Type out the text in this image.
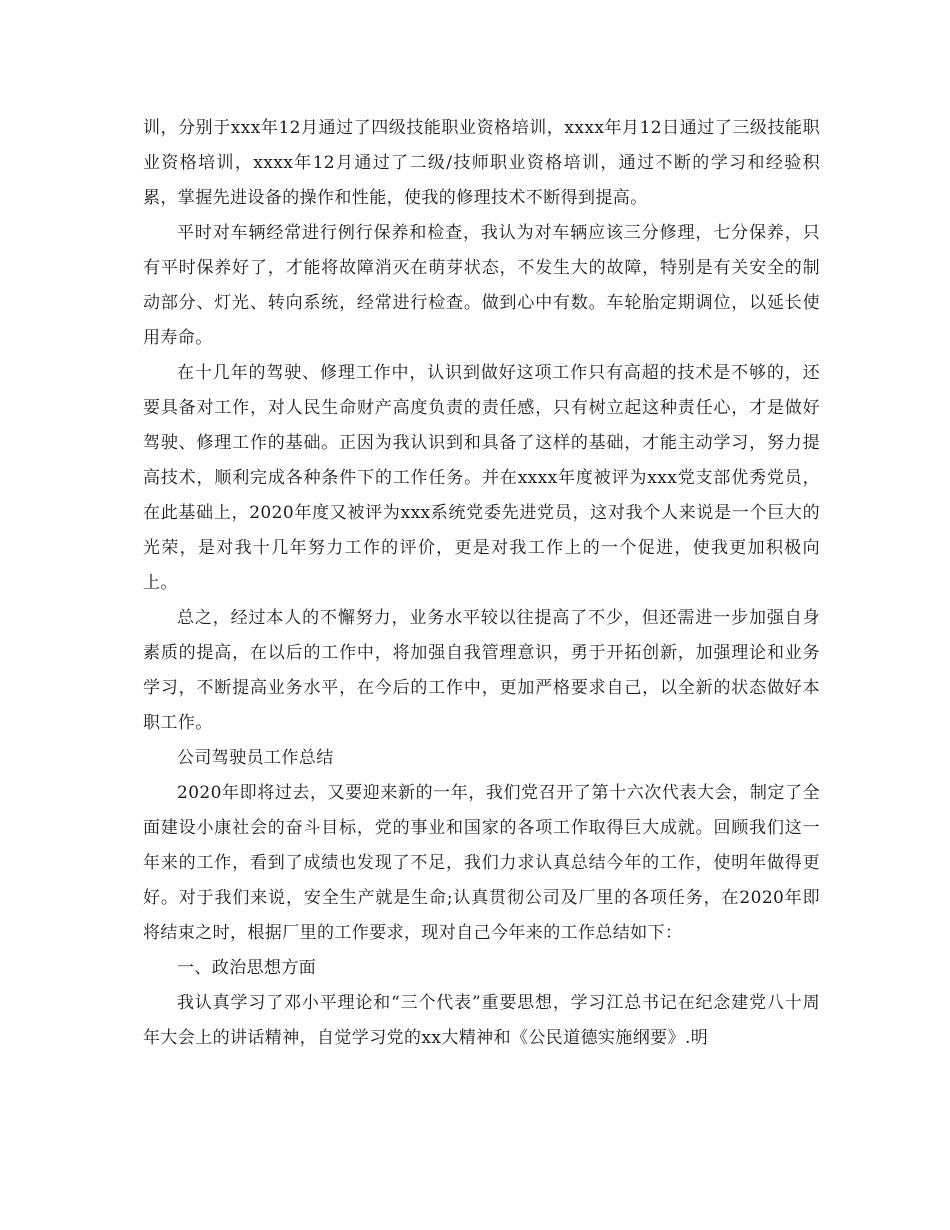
训，分别于xxx年12月通过了四级技能职业资格培训，xxxx年月12日通过了三级技能职业资格培训，xxxx年12月通过了二级/技师职业资格培训，通过不断的学习和经验积累，掌握先进设备的操作和性能，使我的修理技术不断得到提高。

平时对车辆经常进行例行保养和检查，我认为对车辆应该三分修理，七分保养，只有平时保养好了，才能将故障消灭在萌芽状态，不发生大的故障，特别是有关安全的制动部分、灯光、转向系统，经常进行检查。做到心中有数。车轮胎定期调位，以延长使用寿命。

在十几年的驾驶、修理工作中，认识到做好这项工作只有高超的技术是不够的，还要具备对工作，对人民生命财产高度负责的责任感，只有树立起这种责任心，才是做好驾驶、修理工作的基础。正因为我认识到和具备了这样的基础，才能主动学习，努力提高技术，顺利完成各种条件下的工作任务。并在xxxx年度被评为xxx党支部优秀党员，在此基础上，2020年度又被评为xxx系统党委先进党员，这对我个人来说是一个巨大的光荣，是对我十几年努力工作的评价，更是对我工作上的一个促进，使我更加积极向上。

总之，经过本人的不懈努力，业务水平较以往提高了不少，但还需进一步加强自身素质的提高，在以后的工作中，将加强自我管理意识，勇于开拓创新，加强理论和业务学习，不断提高业务水平，在今后的工作中，更加严格要求自己，以全新的状态做好本职工作。

公司驾驶员工作总结

2020年即将过去，又要迎来新的一年，我们党召开了第十六次代表大会，制定了全面建设小康社会的奋斗目标，党的事业和国家的各项工作取得巨大成就。回顾我们这一年来的工作，看到了成绩也发现了不足，我们力求认真总结今年的工作，使明年做得更好。对于我们来说，安全生产就是生命;认真贯彻公司及厂里的各项任务，在2020年即将结束之时，根据厂里的工作要求，现对自己今年来的工作总结如下：

一、政治思想方面

我认真学习了邓小平理论和“三个代表”重要思想，学习江总书记在纪念建党八十周年大会上的讲话精神，自觉学习党的xx大精神和《公民道德实施纲要》.明
